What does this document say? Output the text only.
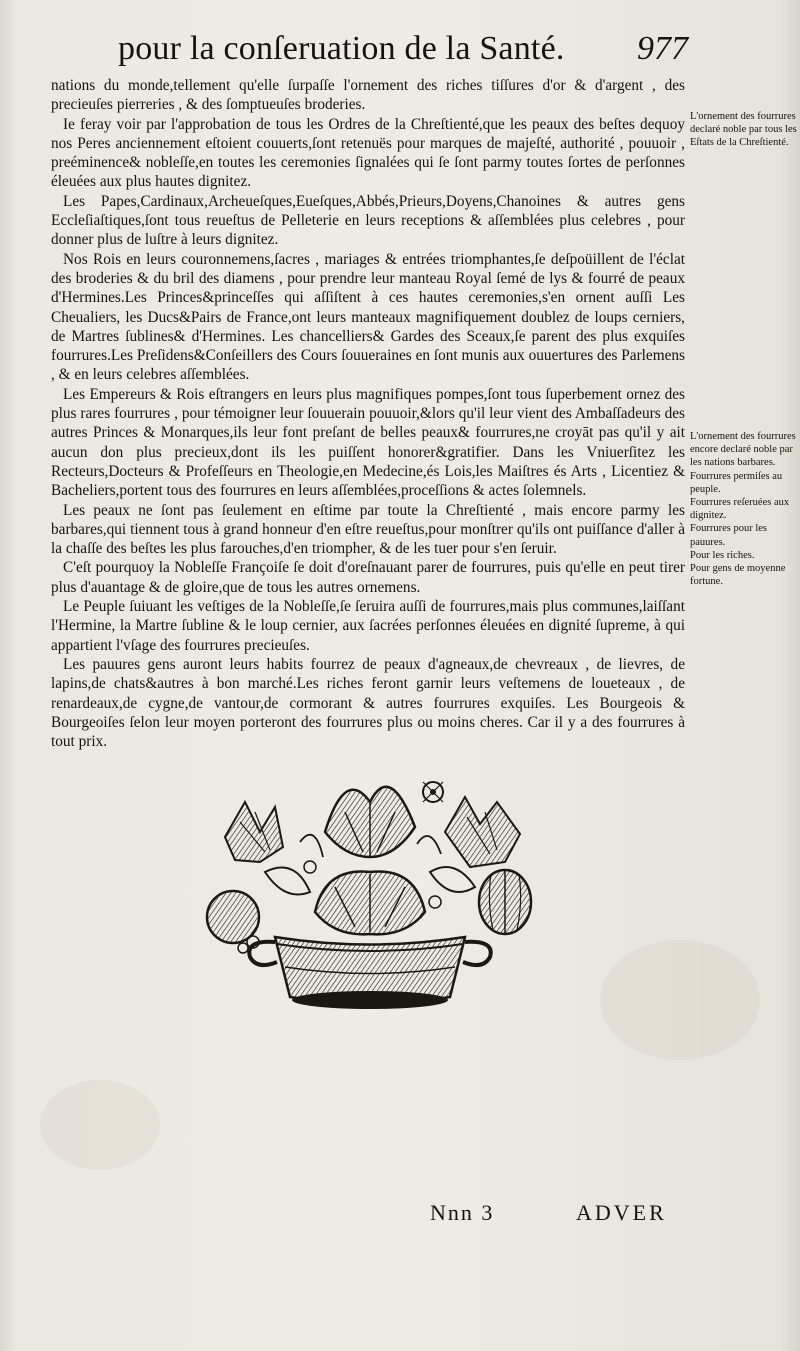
pour la conſeruation de la Santé. 977

nations du monde,tellement qu'elle ſurpaſſe l'ornement des riches tiſſures d'or & d'argent , des precieuſes pierreries , & des ſomptueuſes broderies.

Ie feray voir par l'approbation de tous les Ordres de la Chreſtienté,que les peaux des beſtes dequoy nos Peres anciennement eſtoient couuerts,ſont retenuës pour marques de majeſté, authorité , pouuoir , preéminence& nobleſſe,en toutes les ceremonies ſignalées qui ſe ſont parmy toutes ſortes de perſonnes éleuées aux plus hautes dignitez.

Les Papes,Cardinaux,Archeueſques,Eueſques,Abbés,Prieurs,Doyens,Chanoines & autres gens Eccleſiaſtiques,ſont tous reueſtus de Pelleterie en leurs receptions & aſſemblées plus celebres , pour donner plus de luſtre à leurs dignitez.

Nos Rois en leurs couronnemens,ſacres , mariages & entrées triomphantes,ſe deſpoüillent de l'éclat des broderies & du bril des diamens , pour prendre leur manteau Royal ſemé de lys & fourré de peaux d'Hermines.Les Princes&princeſſes qui aſſiſtent à ces hautes ceremonies,s'en ornent auſſi Les Cheualiers, les Ducs&Pairs de France,ont leurs manteaux magnifiquement doublez de loups cerniers, de Martres ſublines& d'Hermines. Les chancelliers& Gardes des Sceaux,ſe parent des plus exquiſes fourrures.Les Preſidens&Conſeillers des Cours ſouueraines en ſont munis aux ouuertures des Parlemens , & en leurs celebres aſſemblées.

Les Empereurs & Rois eſtrangers en leurs plus magnifiques pompes,ſont tous ſuperbement ornez des plus rares fourrures , pour témoigner leur ſouuerain pouuoir,&lors qu'il leur vient des Ambaſſadeurs des autres Princes & Monarques,ils leur font preſant de belles peaux& fourrures,ne croyāt pas qu'il y ait aucun don plus precieux,dont ils les puiſſent honorer&gratifier. Dans les Vniuerſitez les Recteurs,Docteurs & Profeſſeurs en Theologie,en Medecine,és Lois,les Maiſtres és Arts , Licentiez & Bacheliers,portent tous des fourrures en leurs aſſemblées,proceſſions & actes ſolemnels.

Les peaux ne ſont pas ſeulement en eſtime par toute la Chreſtienté , mais encore parmy les barbares,qui tiennent tous à grand honneur d'en eſtre reueſtus,pour monſtrer qu'ils ont puiſſance d'aller à la chaſſe des beſtes les plus farouches,d'en triompher, & de les tuer pour s'en ſeruir.

C'eſt pourquoy la Nobleſſe Françoiſe ſe doit d'oreſnauant parer de fourrures, puis qu'elle en peut tirer plus d'auantage & de gloire,que de tous les autres ornemens.

Le Peuple ſuiuant les veſtiges de la Nobleſſe,ſe ſeruira auſſi de fourrures,mais plus communes,laiſſant l'Hermine, la Martre ſubline & le loup cernier, aux ſacrées perſonnes éleuées en dignité ſupreme, à qui appartient l'vſage des fourrures precieuſes.

Les pauures gens auront leurs habits fourrez de peaux d'agneaux,de chevreaux , de lievres, de lapins,de chats&autres à bon marché.Les riches feront garnir leurs veſtemens de loueteaux , de renardeaux,de cygne,de vantour,de cormorant & autres fourrures exquiſes. Les Bourgeois & Bourgeoiſes ſelon leur moyen porteront des fourrures plus ou moins cheres. Car il y a des fourrures à tout prix.

L'ornement des fourrures declaré noble par tous les Eſtats de la Chreſtienté.

L'ornement des fourrures encore declaré noble par les nations barbares.

Fourrures permiſes au peuple.

Fourrures reſeruées aux dignitez.

Fourrures pour les pauures.

Pour les riches.

Pour gens de moyenne fortune.

Nnn 3	ADVER
